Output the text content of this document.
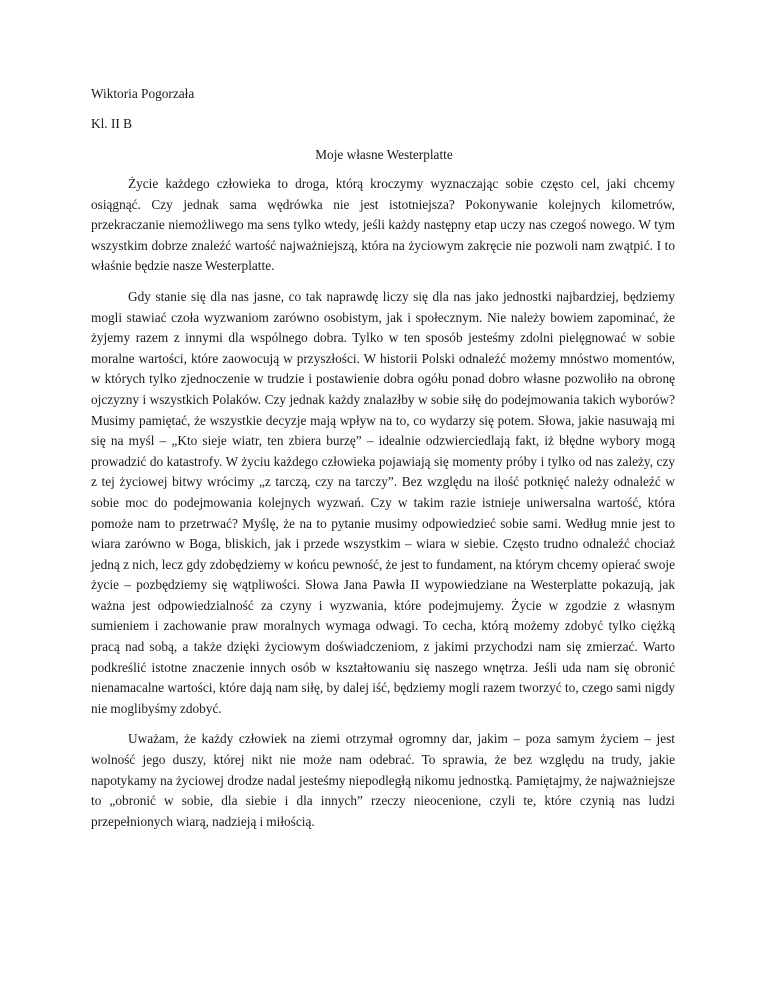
Wiktoria Pogorzała
Kl. II B
Moje własne Westerplatte

Życie każdego człowieka to droga, którą kroczymy wyznaczając sobie często cel, jaki chcemy osiągnąć. Czy jednak sama wędrówka nie jest istotniejsza? Pokonywanie kolejnych kilometrów, przekraczanie niemożliwego ma sens tylko wtedy, jeśli każdy następny etap uczy nas czegoś nowego. W tym wszystkim dobrze znaleźć wartość najważniejszą, która na życiowym zakręcie nie pozwoli nam zwątpić. I to właśnie będzie nasze Westerplatte.

Gdy stanie się dla nas jasne, co tak naprawdę liczy się dla nas jako jednostki najbardziej, będziemy mogli stawiać czoła wyzwaniom zarówno osobistym, jak i społecznym. Nie należy bowiem zapominać, że żyjemy razem z innymi dla wspólnego dobra. Tylko w ten sposób jesteśmy zdolni pielęgnować w sobie moralne wartości, które zaowocują w przyszłości. W historii Polski odnaleźć możemy mnóstwo momentów, w których tylko zjednoczenie w trudzie i postawienie dobra ogółu ponad dobro własne pozwoliło na obronę ojczyzny i wszystkich Polaków. Czy jednak każdy znalazłby w sobie siłę do podejmowania takich wyborów? Musimy pamiętać, że wszystkie decyzje mają wpływ na to, co wydarzy się potem. Słowa, jakie nasuwają mi się na myśl – „Kto sieje wiatr, ten zbiera burzę” – idealnie odzwierciedlają fakt, iż błędne wybory mogą prowadzić do katastrofy. W życiu każdego człowieka pojawiają się momenty próby i tylko od nas zależy, czy z tej życiowej bitwy wrócimy „z tarczą, czy na tarczy”. Bez względu na ilość potknięć należy odnaleźć w sobie moc do podejmowania kolejnych wyzwań. Czy w takim razie istnieje uniwersalna wartość, która pomoże nam to przetrwać? Myślę, że na to pytanie musimy odpowiedzieć sobie sami. Według mnie jest to wiara zarówno w Boga, bliskich, jak i przede wszystkim – wiara w siebie. Często trudno odnaleźć chociaż jedną z nich, lecz gdy zdobędziemy w końcu pewność, że jest to fundament, na którym chcemy opierać swoje życie – pozbędziemy się wątpliwości. Słowa Jana Pawła II wypowiedziane na Westerplatte pokazują, jak ważna jest odpowiedzialność za czyny i wyzwania, które podejmujemy. Życie w zgodzie z własnym sumieniem i zachowanie praw moralnych wymaga odwagi. To cecha, którą możemy zdobyć tylko ciężką pracą nad sobą, a także dzięki życiowym doświadczeniom, z jakimi przychodzi nam się zmierzać. Warto podkreślić istotne znaczenie innych osób w kształtowaniu się naszego wnętrza. Jeśli uda nam się obronić nienamacalne wartości, które dają nam siłę, by dalej iść, będziemy mogli razem tworzyć to, czego sami nigdy nie moglibyśmy zdobyć.

Uważam, że każdy człowiek na ziemi otrzymał ogromny dar, jakim – poza samym życiem – jest wolność jego duszy, której nikt nie może nam odebrać. To sprawia, że bez względu na trudy, jakie napotykamy na życiowej drodze nadal jesteśmy niepodległą nikomu jednostką. Pamiętajmy, że najważniejsze to „obronić w sobie, dla siebie i dla innych” rzeczy nieocenione, czyli te, które czynią nas ludzi przepełnionych wiarą, nadzieją i miłością.
